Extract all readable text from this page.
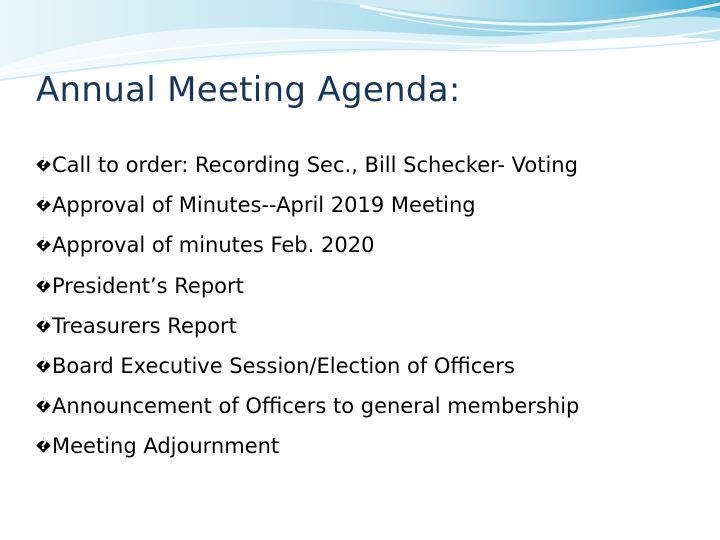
Annual Meeting Agenda:
? Call to order: Recording Sec., Bill Schecker- Voting
? Approval of Minutes--April 2019 Meeting
? Approval of minutes Feb. 2020
? President’s Report
? Treasurers Report
? Board Executive Session/Election of Officers
? Announcement of Officers to general membership
? Meeting Adjournment
